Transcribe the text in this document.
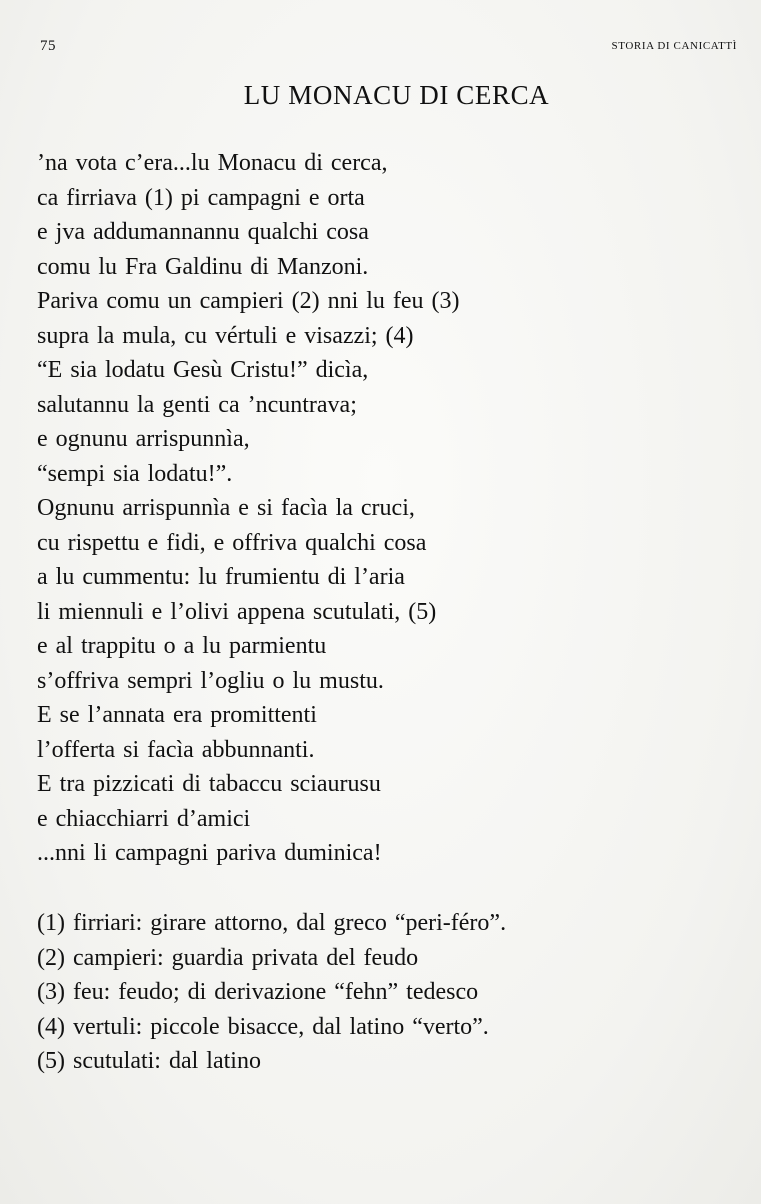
75	STORIA DI CANICATTÌ
LU MONACU DI CERCA
’na vota c’era...lu Monacu di cerca,
ca firriava (1) pi campagni e orta
e jva addumannannu qualchi cosa
comu lu Fra Galdinu di Manzoni.
Pariva comu un campieri (2) nni lu feu (3)
supra la mula, cu vértuli e visazzi; (4)
“E sia lodatu Gesù Cristu!” dicìa,
salutannu la genti ca ’ncuntrava;
e ognunu arrispunnìa,
“sempi sia lodatu!”.
Ognunu arrispunnìa e si facìa la cruci,
cu rispettu e fidi, e offriva qualchi cosa
a lu cummentu: lu frumientu di l’aria
li miennuli e l’olivi appena scutulati, (5)
e al trappitu o a lu parmientu
s’offriva sempri l’ogliu o lu mustu.
E se l’annata era promittenti
l’offerta si facìa abbunnanti.
E tra pizzicati di tabaccu sciaurusu
e chiacchiarri d’amici
...nni li campagni pariva duminica!
(1) firriari: girare attorno, dal greco “peri-féro”.
(2) campieri: guardia privata del feudo
(3) feu: feudo; di derivazione “fehn” tedesco
(4) vertuli: piccole bisacce, dal latino “verto”.
(5) scutulati: dal latino
